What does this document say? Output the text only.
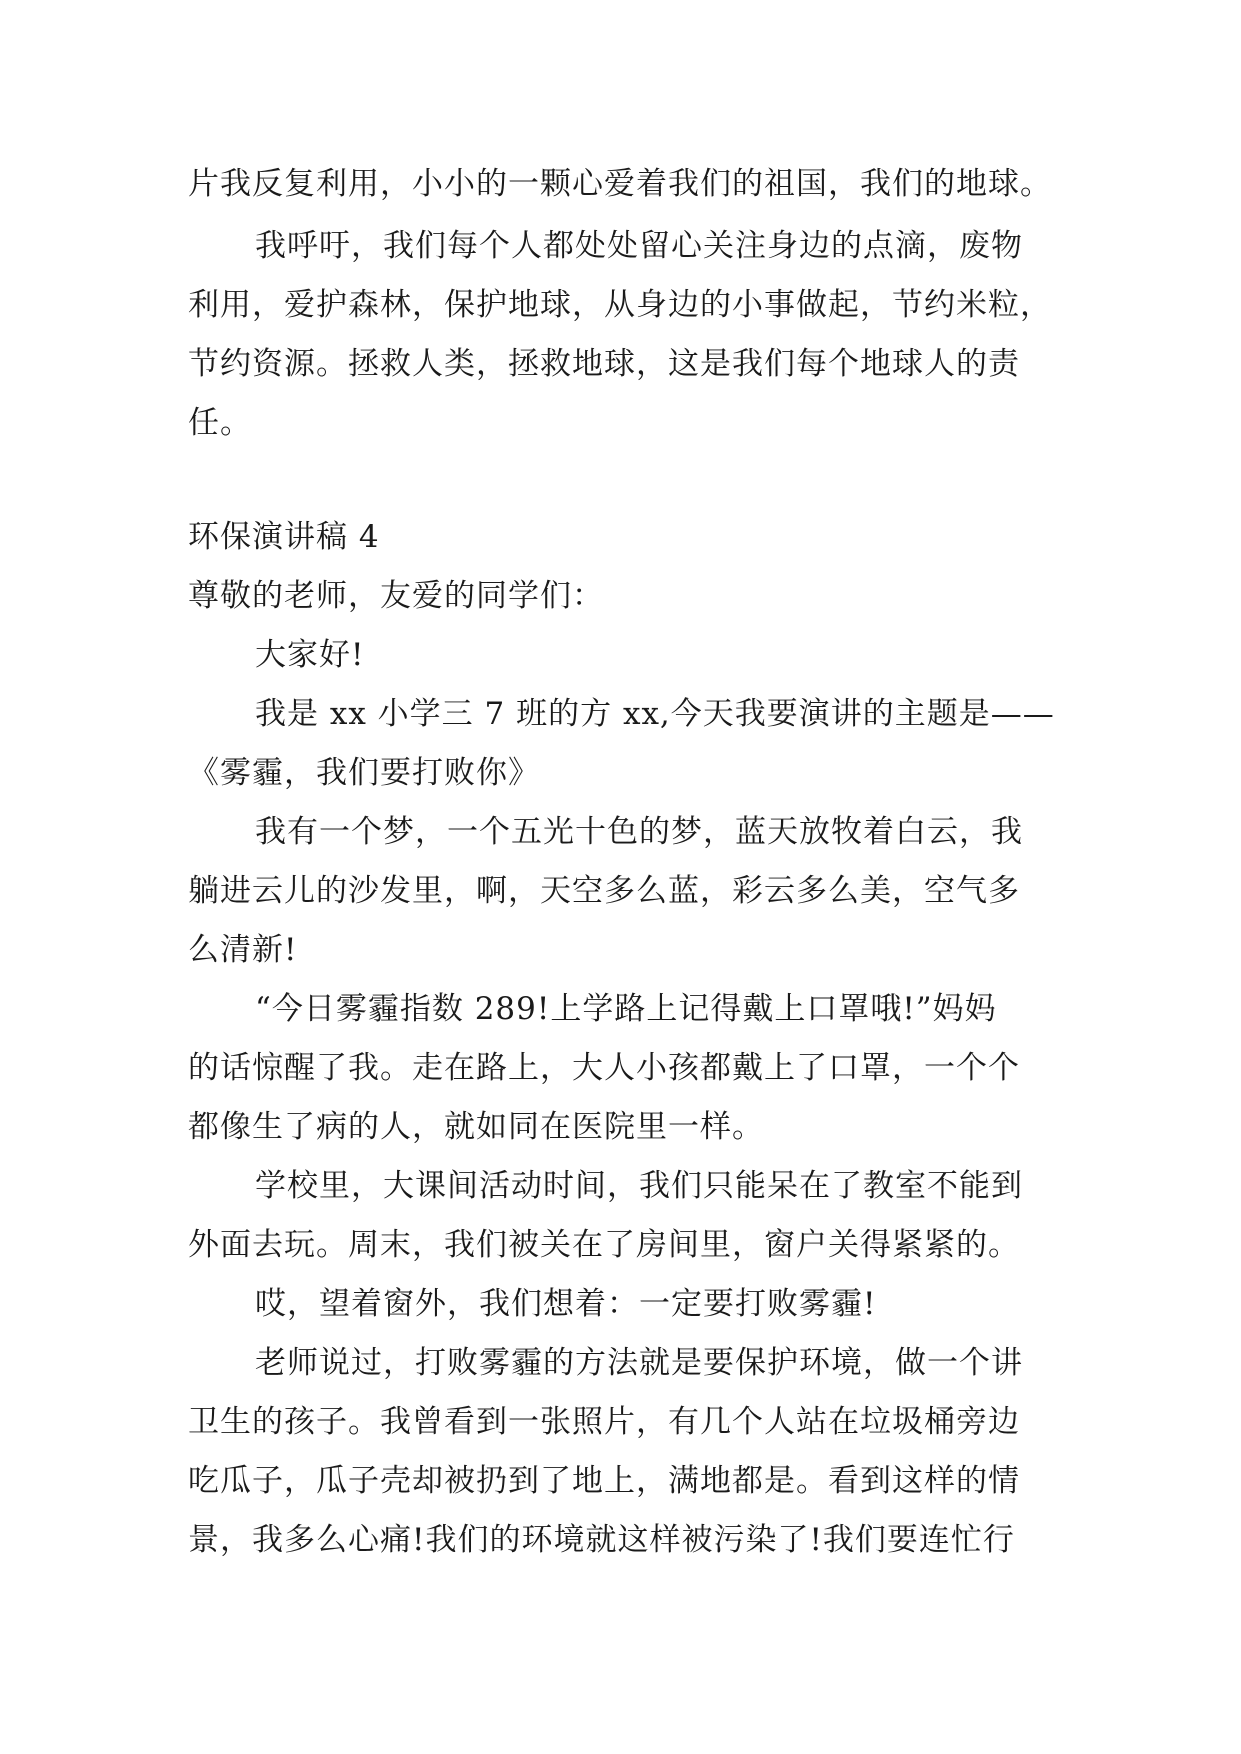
片我反复利用，小小的一颗心爱着我们的祖国，我们的地球。
我呼吁，我们每个人都处处留心关注身边的点滴，废物
利用，爱护森林，保护地球，从身边的小事做起，节约米粒，
节约资源。拯救人类，拯救地球，这是我们每个地球人的责
任。
环保演讲稿 4
尊敬的老师，友爱的同学们：
大家好!
我是 xx 小学三 7 班的方 xx,今天我要演讲的主题是——
《雾霾，我们要打败你》
我有一个梦，一个五光十色的梦，蓝天放牧着白云，我
躺进云儿的沙发里，啊，天空多么蓝，彩云多么美，空气多
么清新!
“今日雾霾指数 289!上学路上记得戴上口罩哦!”妈妈
的话惊醒了我。走在路上，大人小孩都戴上了口罩，一个个
都像生了病的人，就如同在医院里一样。
学校里，大课间活动时间，我们只能呆在了教室不能到
外面去玩。周末，我们被关在了房间里，窗户关得紧紧的。
哎，望着窗外，我们想着：一定要打败雾霾!
老师说过，打败雾霾的方法就是要保护环境，做一个讲
卫生的孩子。我曾看到一张照片，有几个人站在垃圾桶旁边
吃瓜子，瓜子壳却被扔到了地上，满地都是。看到这样的情
景，我多么心痛!我们的环境就这样被污染了!我们要连忙行
